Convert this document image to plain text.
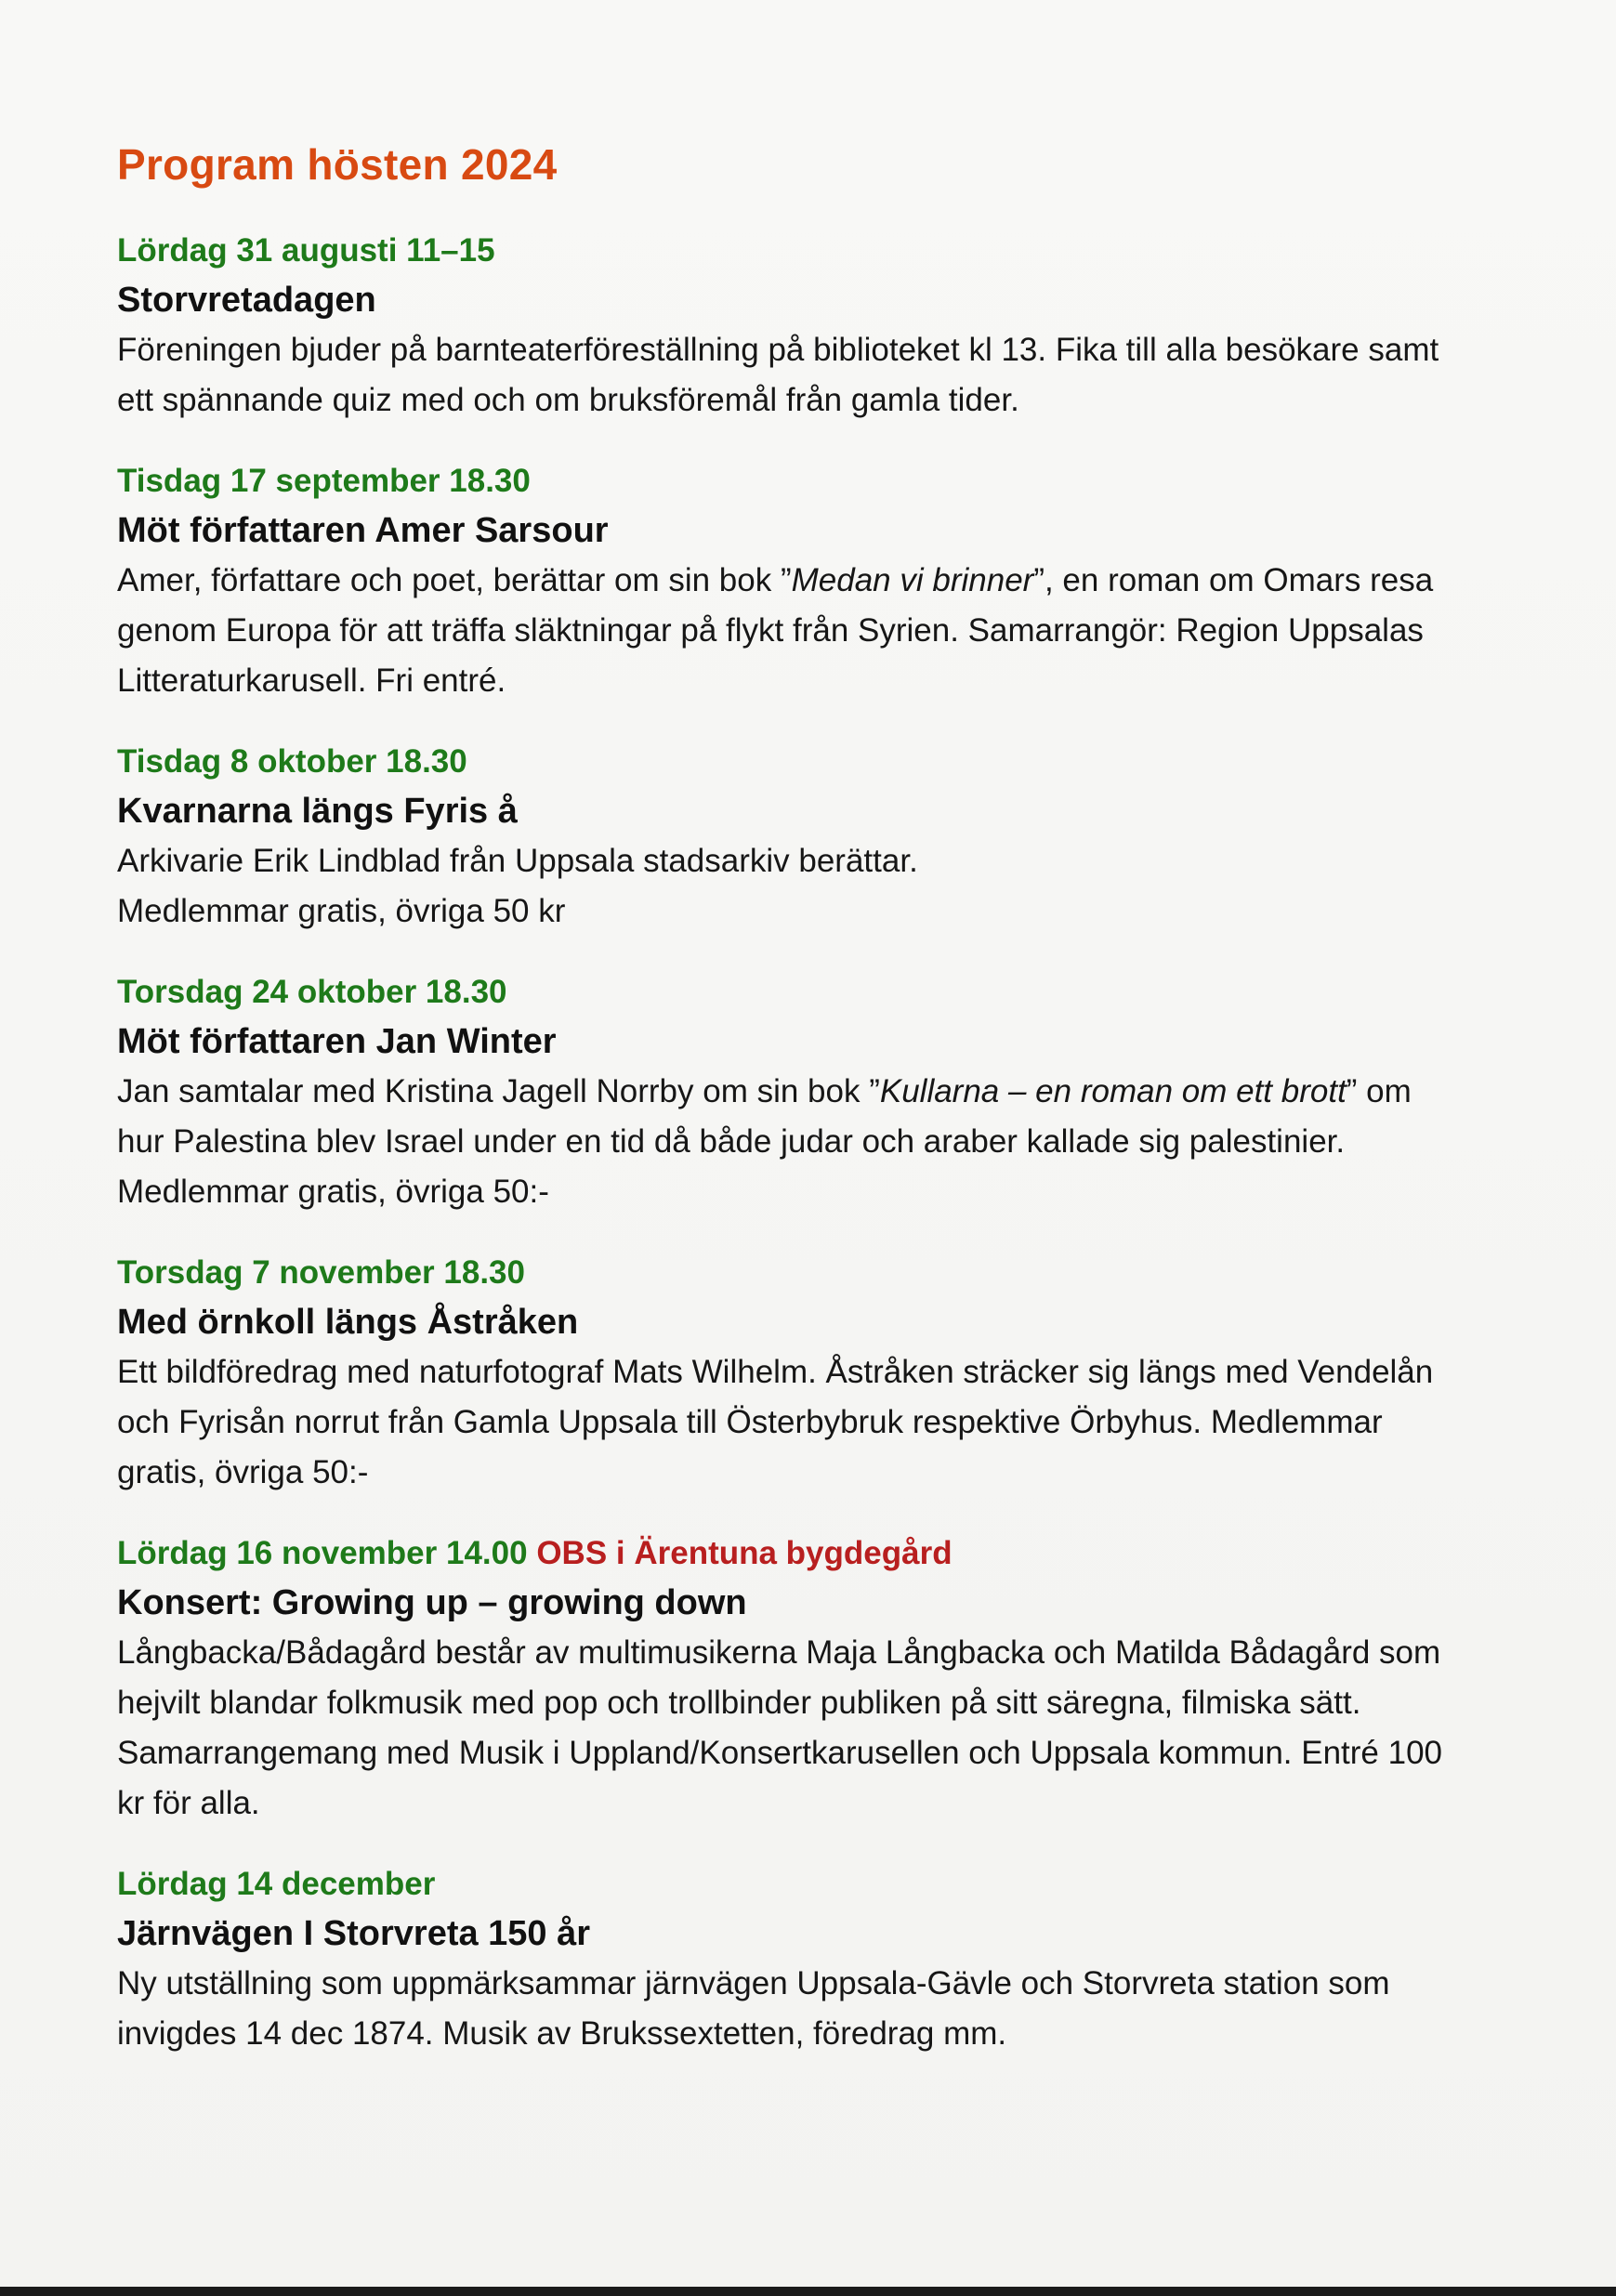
Program hösten 2024
Lördag 31 augusti 11–15
Storvretadagen
Föreningen bjuder på barnteaterföreställning på biblioteket kl 13. Fika till alla besökare samt ett spännande quiz med och om bruksföremål från gamla tider.
Tisdag 17 september 18.30
Möt författaren Amer Sarsour
Amer, författare och poet, berättar om sin bok ”Medan vi brinner”, en roman om Omars resa genom Europa för att träffa släktningar på flykt från Syrien. Samarrangör: Region Uppsalas Litteraturkarusell. Fri entré.
Tisdag 8 oktober 18.30
Kvarnarna längs Fyris å
Arkivarie Erik Lindblad från Uppsala stadsarkiv berättar.
Medlemmar gratis, övriga 50 kr
Torsdag 24 oktober 18.30
Möt författaren Jan Winter
Jan samtalar med Kristina Jagell Norrby om sin bok ”Kullarna – en roman om ett brott” om hur Palestina blev Israel under en tid då både judar och araber kallade sig palestinier. Medlemmar gratis, övriga 50:-
Torsdag 7 november 18.30
Med örnkoll längs Åstråken
Ett bildföredrag med naturfotograf Mats Wilhelm. Åstråken sträcker sig längs med Vendelån och Fyrisån norrut från Gamla Uppsala till Österbybruk respektive Örbyhus. Medlemmar gratis, övriga 50:-
Lördag 16 november 14.00 OBS i Ärentuna bygdegård
Konsert: Growing up – growing down
Långbacka/Bådagård består av multimusikerna Maja Långbacka och Matilda Bådagård som hejvilt blandar folkmusik med pop och trollbinder publiken på sitt säregna, filmiska sätt. Samarrangemang med Musik i Uppland/Konsertkarusellen och Uppsala kommun. Entré 100 kr för alla.
Lördag 14 december
Järnvägen I Storvreta 150 år
Ny utställning som uppmärksammar järnvägen Uppsala-Gävle och Storvreta station som invigdes 14 dec 1874. Musik av Brukssextetten, föredrag mm.
